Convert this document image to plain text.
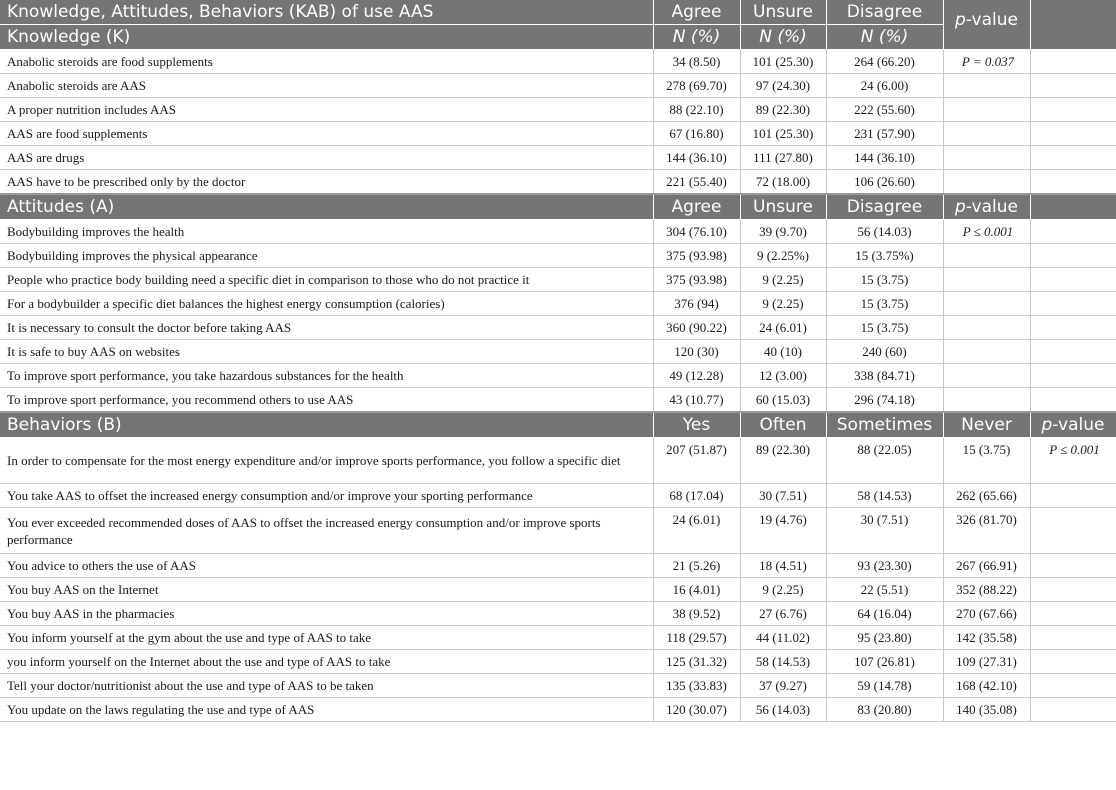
Knowledge, Attitudes, Behaviors (KAB) of use AAS	Agree	Unsure	Disagree	p-value	
Knowledge (K)	N (%)	N (%)	N (%)		
Anabolic steroids are food supplements	34 (8.50)	101 (25.30)	264 (66.20)	P = 0.037	
Anabolic steroids are AAS	278 (69.70)	97 (24.30)	24 (6.00)		
A proper nutrition includes AAS	88 (22.10)	89 (22.30)	222 (55.60)		
AAS are food supplements	67 (16.80)	101 (25.30)	231 (57.90)		
AAS are drugs	144 (36.10)	111 (27.80)	144 (36.10)		
AAS have to be prescribed only by the doctor	221 (55.40)	72 (18.00)	106 (26.60)		
Attitudes (A)	Agree	Unsure	Disagree	p-value	
Bodybuilding improves the health	304 (76.10)	39 (9.70)	56 (14.03)	P ≤ 0.001	
Bodybuilding improves the physical appearance	375 (93.98)	9 (2.25%)	15 (3.75%)		
People who practice body building need a specific diet in comparison to those who do not practice it	375 (93.98)	9 (2.25)	15 (3.75)		
For a bodybuilder a specific diet balances the highest energy consumption (calories)	376 (94)	9 (2.25)	15 (3.75)		
It is necessary to consult the doctor before taking AAS	360 (90.22)	24 (6.01)	15 (3.75)		
It is safe to buy AAS on websites	120 (30)	40 (10)	240 (60)		
To improve sport performance, you take hazardous substances for the health	49 (12.28)	12 (3.00)	338 (84.71)		
To improve sport performance, you recommend others to use AAS	43 (10.77)	60 (15.03)	296 (74.18)		
Behaviors (B)	Yes	Often	Sometimes	Never	p-value
In order to compensate for the most energy expenditure and/or improve sports performance, you follow a specific diet	207 (51.87)	89 (22.30)	88 (22.05)	15 (3.75)	P ≤ 0.001
You take AAS to offset the increased energy consumption and/or improve your sporting performance	68 (17.04)	30 (7.51)	58 (14.53)	262 (65.66)	
You ever exceeded recommended doses of AAS to offset the increased energy consumption and/or improve sports performance	24 (6.01)	19 (4.76)	30 (7.51)	326 (81.70)	
You advice to others the use of AAS	21 (5.26)	18 (4.51)	93 (23.30)	267 (66.91)	
You buy AAS on the Internet	16 (4.01)	9 (2.25)	22 (5.51)	352 (88.22)	
You buy AAS in the pharmacies	38 (9.52)	27 (6.76)	64 (16.04)	270 (67.66)	
You inform yourself at the gym about the use and type of AAS to take	118 (29.57)	44 (11.02)	95 (23.80)	142 (35.58)	
you inform yourself on the Internet about the use and type of AAS to take	125 (31.32)	58 (14.53)	107 (26.81)	109 (27.31)	
Tell your doctor/nutritionist about the use and type of AAS to be taken	135 (33.83)	37 (9.27)	59 (14.78)	168 (42.10)	
You update on the laws regulating the use and type of AAS	120 (30.07)	56 (14.03)	83 (20.80)	140 (35.08)	
